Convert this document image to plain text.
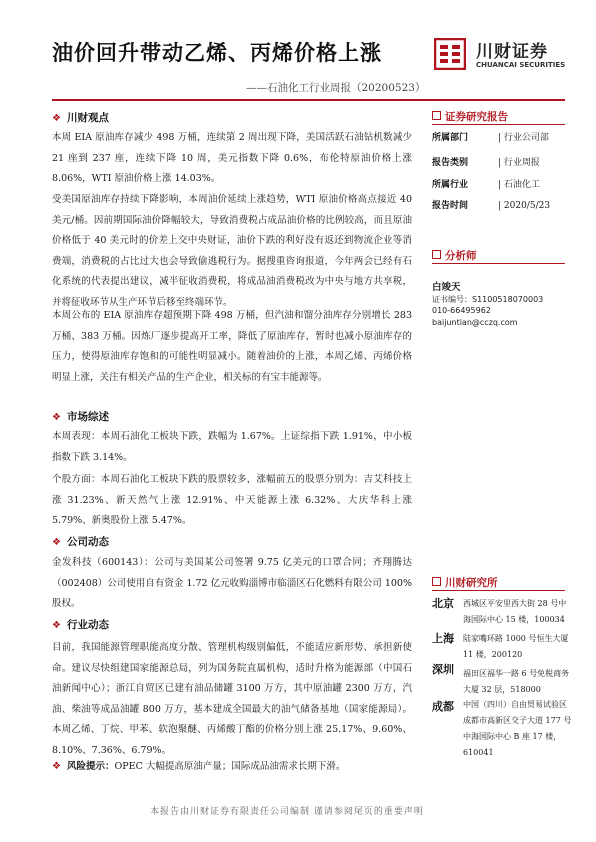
油价回升带动乙烯、丙烯价格上涨
——石油化工行业周报（20200523）
川财证券
CHUANCAI SECURITIES
❖ 川财观点
本周 EIA 原油库存减少 498 万桶，连续第 2 周出现下降，美国活跃石油钻机数减少 21 座到 237 座，连续下降 10 周，美元指数下降 0.6%，布伦特原油价格上涨 8.06%，WTI 原油价格上涨 14.03%。
受美国原油库存持续下降影响，本周油价延续上涨趋势，WTI 原油价格高点接近 40 美元/桶。因前期国际油价降幅较大，导致消费税占成品油价格的比例较高，而且原油价格低于 40 美元时的价差上交中央财证，油价下跌的利好没有返还到物流企业等消费端，消费税的占比过大也会导致偷逃税行为。据搜重咨询报道，今年两会已经有石化系统的代表提出建议，减半征收消费税，将成品油消费税改为中央与地方共享税，并将征收环节从生产环节后移至终端环节。
本周公布的 EIA 原油库存超预期下降 498 万桶，但汽油和馏分油库存分别增长 283 万桶、383 万桶。因炼厂逐步提高开工率，降低了原油库存，暂时也减小原油库存的压力，使得原油库存饱和的可能性明显减小。随着油价的上涨，本周乙烯、丙烯价格明显上涨，关注有相关产品的生产企业，相关标的有宝丰能源等。
❖ 市场综述
本周表现：本周石油化工板块下跌，跌幅为 1.67%。上证综指下跌 1.91%，中小板指数下跌 3.14%。
个股方面：本周石油化工板块下跌的股票较多，涨幅前五的股票分别为：吉艾科技上涨 31.23%、新天然气上涨 12.91%、中天能源上涨 6.32%、大庆华科上涨 5.79%、新奥股份上涨 5.47%。
❖ 公司动态
金发科技（600143）：公司与美国某公司签署 9.75 亿美元的口罩合同；齐翔腾达（002408）公司使用自有资金 1.72 亿元收购淄博市临淄区石化燃料有限公司 100%股权。
❖ 行业动态
目前，我国能源管理职能高度分散、管理机构级别偏低，不能适应新形势、承担新使命。建议尽快组建国家能源总局，列为国务院直属机构，适时升格为能源部（中国石油新闻中心）；浙江自贸区已建有油品储罐 3100 万方，其中原油罐 2300 万方，汽油、柴油等成品油罐 800 万方，基本建成全国最大的油气储备基地（国家能源局）。本周乙烯、丁烷、甲苯、软泡聚醚、丙烯酸丁酯的价格分别上涨 25.17%、9.60%、8.10%、7.36%、6.79%。
❖ 风险提示：OPEC 大幅提高原油产量；国际成品油需求长期下滑。
证券研究报告
所属部门	| 行业公司部
报告类别	| 行业周报
所属行业	| 石油化工
报告时间	| 2020/5/23
分析师
白竣天
证书编号：S1100518070003
010-66495962
baijuntian@cczq.com
川财研究所
北京 西城区平安里西大街 28 号中海国际中心 15 楼，100034
上海 陆家嘴环路 1000 号恒生大厦 11 楼，200120
深圳 福田区福华一路 6 号免税商务大厦 32 层，518000
成都 中国（四川）自由贸易试验区成都市高新区交子大道 177 号中海国际中心 B 座 17 楼，610041
本报告由川财证券有限责任公司编制 谨请参阅尾页的重要声明
